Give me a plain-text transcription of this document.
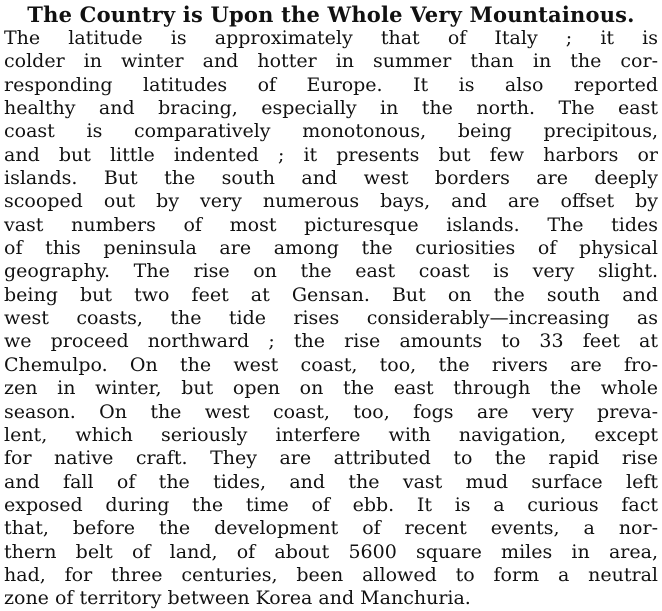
The Country is Upon the Whole Very Mountainous.
The latitude is approximately that of Italy ; it is
colder in winter and hotter in summer than in the cor-
responding latitudes of Europe. It is also reported
healthy and bracing, especially in the north. The east
coast is comparatively monotonous, being precipitous,
and but little indented ; it presents but few harbors or
islands. But the south and west borders are deeply
scooped out by very numerous bays, and are offset by
vast numbers of most picturesque islands. The tides
of this peninsula are among the curiosities of physical
geography. The rise on the east coast is very slight.
being but two feet at Gensan. But on the south and
west coasts, the tide rises considerably—increasing as
we proceed northward ; the rise amounts to 33 feet at
Chemulpo. On the west coast, too, the rivers are fro-
zen in winter, but open on the east through the whole
season. On the west coast, too, fogs are very preva-
lent, which seriously interfere with navigation, except
for native craft. They are attributed to the rapid rise
and fall of the tides, and the vast mud surface left
exposed during the time of ebb. It is a curious fact
that, before the development of recent events, a nor-
thern belt of land, of about 5600 square miles in area,
had, for three centuries, been allowed to form a neutral
zone of territory between Korea and Manchuria.
